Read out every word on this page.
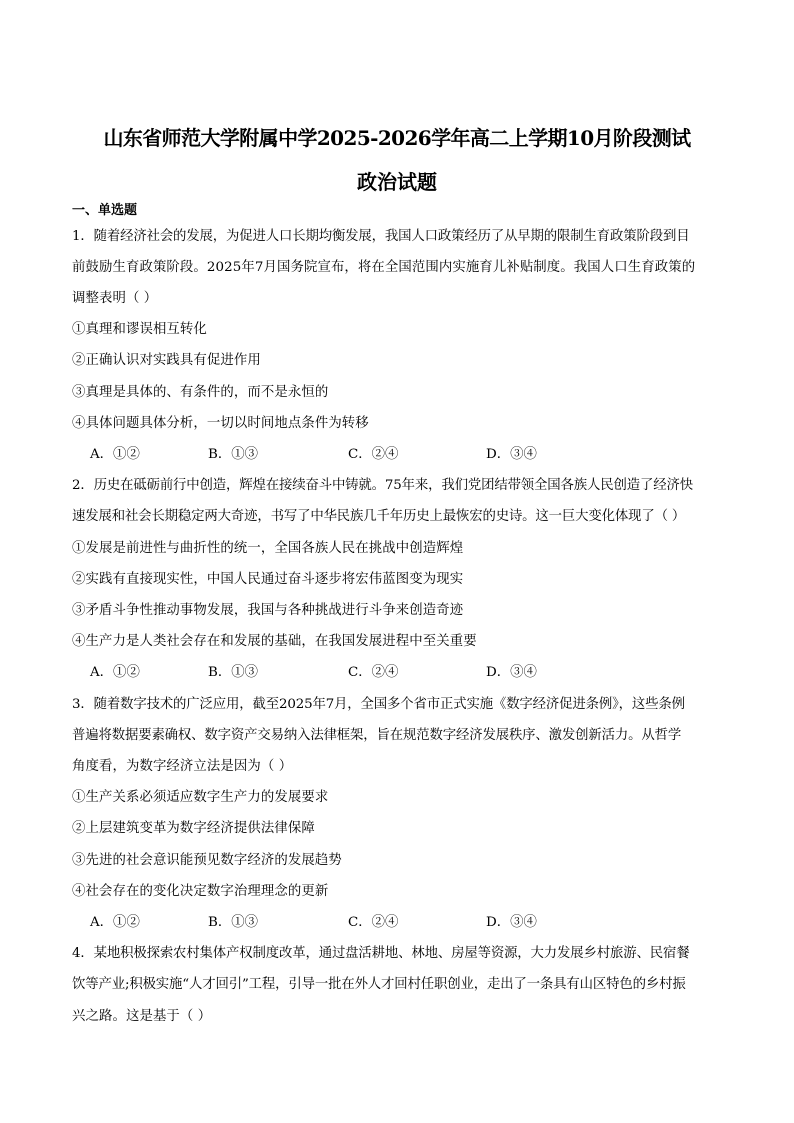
山东省师范大学附属中学2025-2026学年高二上学期10月阶段测试
政治试题
一、单选题
1．随着经济社会的发展，为促进人口长期均衡发展，我国人口政策经历了从早期的限制生育政策阶段到目
前鼓励生育政策阶段。2025年7月国务院宣布，将在全国范围内实施育儿补贴制度。我国人口生育政策的
调整表明（ ）
①真理和谬误相互转化
②正确认识对实践具有促进作用
③真理是具体的、有条件的，而不是永恒的
④具体问题具体分析，一切以时间地点条件为转移
A．①②	B．①③	C．②④	D．③④
2．历史在砥砺前行中创造，辉煌在接续奋斗中铸就。75年来，我们党团结带领全国各族人民创造了经济快
速发展和社会长期稳定两大奇迹，书写了中华民族几千年历史上最恢宏的史诗。这一巨大变化体现了（ ）
①发展是前进性与曲折性的统一，全国各族人民在挑战中创造辉煌
②实践有直接现实性，中国人民通过奋斗逐步将宏伟蓝图变为现实
③矛盾斗争性推动事物发展，我国与各种挑战进行斗争来创造奇迹
④生产力是人类社会存在和发展的基础，在我国发展进程中至关重要
A．①②	B．①③	C．②④	D．③④
3．随着数字技术的广泛应用，截至2025年7月，全国多个省市正式实施《数字经济促进条例》，这些条例
普遍将数据要素确权、数字资产交易纳入法律框架，旨在规范数字经济发展秩序、激发创新活力。从哲学
角度看，为数字经济立法是因为（ ）
①生产关系必须适应数字生产力的发展要求
②上层建筑变革为数字经济提供法律保障
③先进的社会意识能预见数字经济的发展趋势
④社会存在的变化决定数字治理理念的更新
A．①②	B．①③	C．②④	D．③④
4．某地积极探索农村集体产权制度改革，通过盘活耕地、林地、房屋等资源，大力发展乡村旅游、民宿餐
饮等产业;积极实施“人才回引”工程，引导一批在外人才回村任职创业，走出了一条具有山区特色的乡村振
兴之路。这是基于（ ）
